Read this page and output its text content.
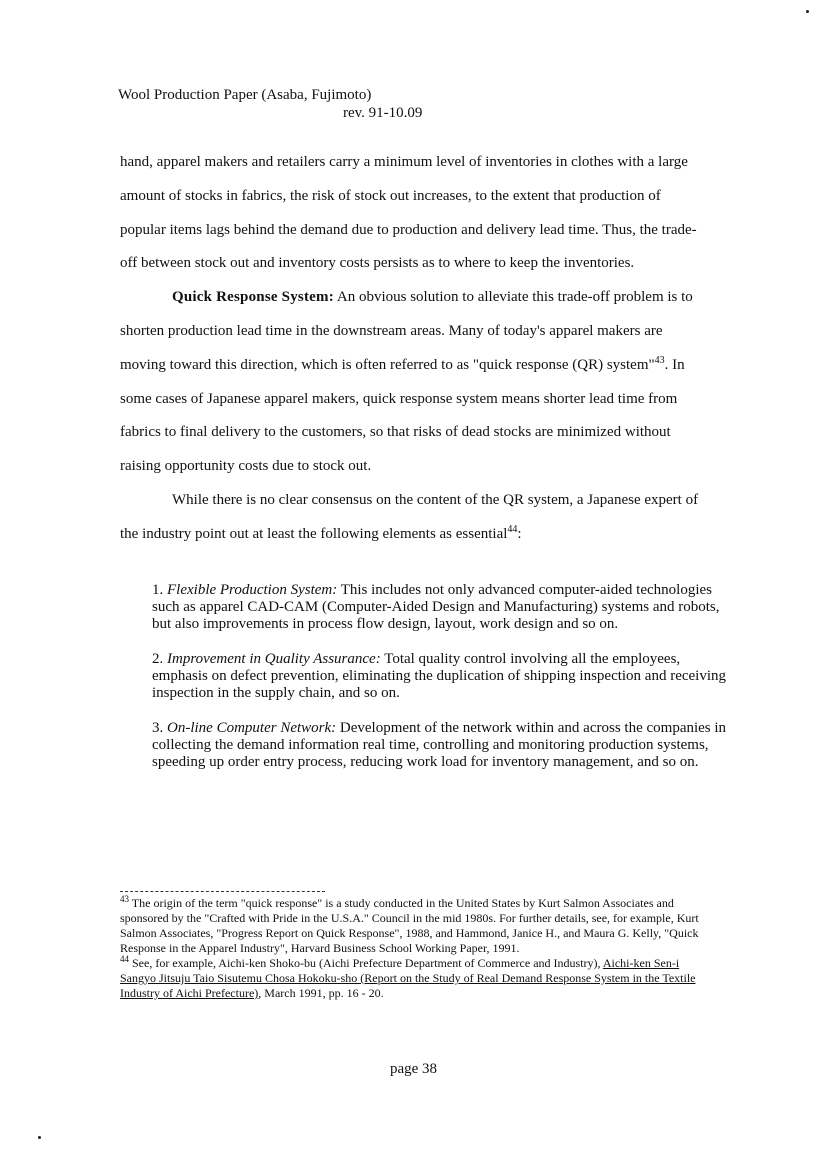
Wool Production Paper (Asaba, Fujimoto)

rev. 91-10.09

hand, apparel makers and retailers carry a minimum level of inventories in clothes with a large amount of stocks in fabrics, the risk of stock out increases, to the extent that production of popular items lags behind the demand due to production and delivery lead time. Thus, the trade-off between stock out and inventory costs persists as to where to keep the inventories.

Quick Response System: An obvious solution to alleviate this trade-off problem is to shorten production lead time in the downstream areas. Many of today's apparel makers are moving toward this direction, which is often referred to as "quick response (QR) system"$^{43}$. In some cases of Japanese apparel makers, quick response system means shorter lead time from fabrics to final delivery to the customers, so that risks of dead stocks are minimized without raising opportunity costs due to stock out.

While there is no clear consensus on the content of the QR system, a Japanese expert of the industry point out at least the following elements as essential$^{44}$:

1. Flexible Production System: This includes not only advanced computer-aided technologies such as apparel CAD-CAM (Computer-Aided Design and Manufacturing) systems and robots, but also improvements in process flow design, layout, work design and so on.
2. Improvement in Quality Assurance: Total quality control involving all the employees, emphasis on defect prevention, eliminating the duplication of shipping inspection and receiving inspection in the supply chain, and so on.
3. On-line Computer Network: Development of the network within and across the companies in collecting the demand information real time, controlling and monitoring production systems, speeding up order entry process, reducing work load for inventory management, and so on.

$^{43}$ The origin of the term "quick response" is a study conducted in the United States by Kurt Salmon Associates and sponsored by the "Crafted with Pride in the U.S.A." Council in the mid 1980s. For further details, see, for example, Kurt Salmon Associates, "Progress Report on Quick Response", 1988, and Hammond, Janice H., and Maura G. Kelly, "Quick Response in the Apparel Industry", Harvard Business School Working Paper, 1991.

$^{44}$ See, for example, Aichi-ken Shoko-bu (Aichi Prefecture Department of Commerce and Industry), Aichi-ken Sen-i Sangyo Jitsuju Taio Sisutemu Chosa Hokoku-sho (Report on the Study of Real Demand Response System in the Textile Industry of Aichi Prefecture), March 1991, pp. 16 - 20.

page 38
